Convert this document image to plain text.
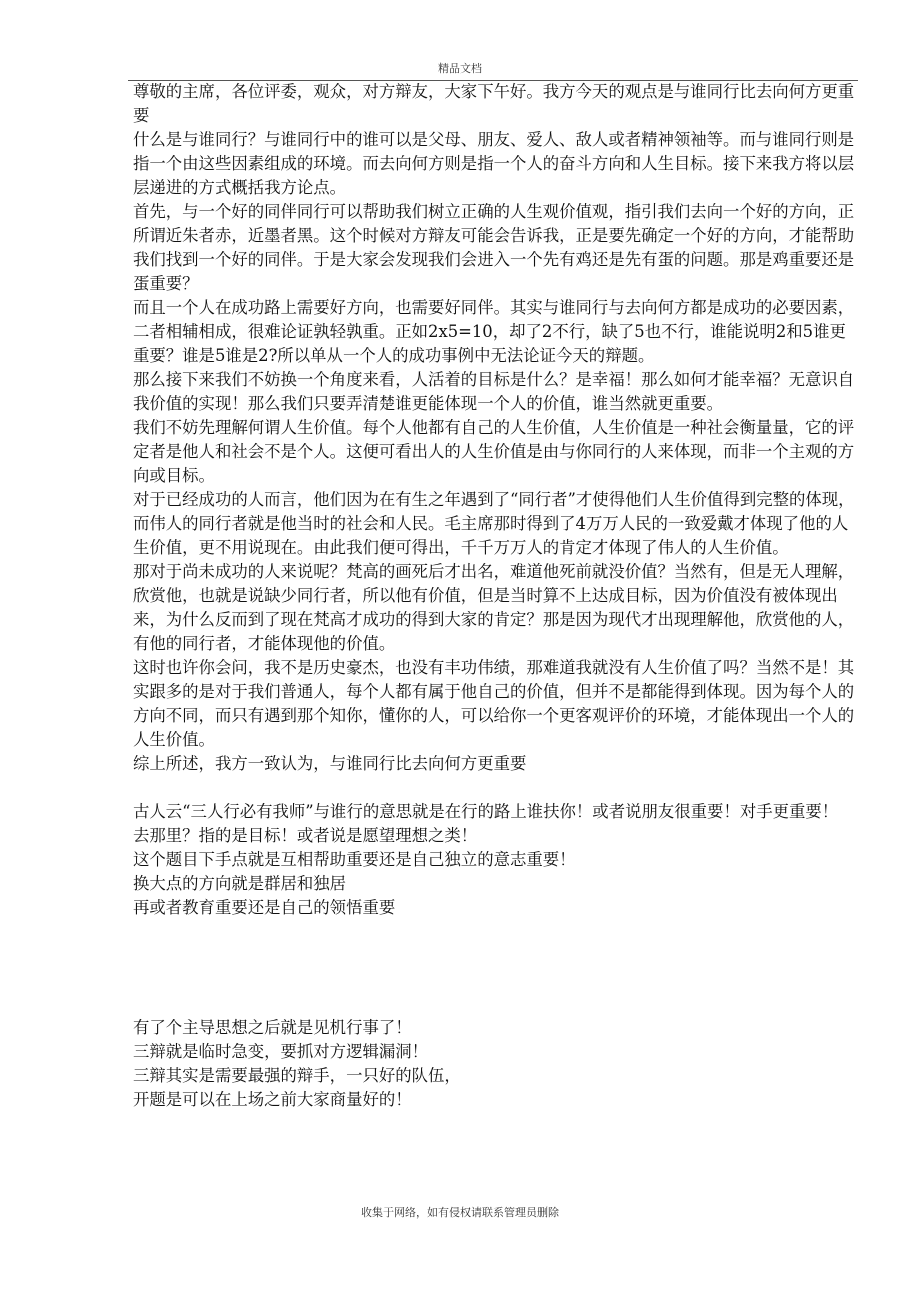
精品文档

尊敬的主席，各位评委，观众，对方辩友，大家下午好。我方今天的观点是与谁同行比去向何方更重要

什么是与谁同行？与谁同行中的谁可以是父母、朋友、爱人、敌人或者精神领袖等。而与谁同行则是指一个由这些因素组成的环境。而去向何方则是指一个人的奋斗方向和人生目标。接下来我方将以层层递进的方式概括我方论点。

首先，与一个好的同伴同行可以帮助我们树立正确的人生观价值观，指引我们去向一个好的方向，正所谓近朱者赤，近墨者黑。这个时候对方辩友可能会告诉我，正是要先确定一个好的方向，才能帮助我们找到一个好的同伴。于是大家会发现我们会进入一个先有鸡还是先有蛋的问题。那是鸡重要还是蛋重要？

而且一个人在成功路上需要好方向，也需要好同伴。其实与谁同行与去向何方都是成功的必要因素，二者相辅相成，很难论证孰轻孰重。正如2x5=10，却了2不行，缺了5也不行，谁能说明2和5谁更重要？谁是5谁是2?所以单从一个人的成功事例中无法论证今天的辩题。

那么接下来我们不妨换一个角度来看，人活着的目标是什么？是幸福！那么如何才能幸福？无意识自我价值的实现！那么我们只要弄清楚谁更能体现一个人的价值，谁当然就更重要。

我们不妨先理解何谓人生价值。每个人他都有自己的人生价值，人生价值是一种社会衡量量，它的评定者是他人和社会不是个人。这便可看出人的人生价值是由与你同行的人来体现，而非一个主观的方向或目标。

对于已经成功的人而言，他们因为在有生之年遇到了“同行者”才使得他们人生价值得到完整的体现，而伟人的同行者就是他当时的社会和人民。毛主席那时得到了4万万人民的一致爱戴才体现了他的人生价值，更不用说现在。由此我们便可得出，千千万万人的肯定才体现了伟人的人生价值。

那对于尚未成功的人来说呢？梵高的画死后才出名，难道他死前就没价值？当然有，但是无人理解，欣赏他，也就是说缺少同行者，所以他有价值，但是当时算不上达成目标，因为价值没有被体现出来，为什么反而到了现在梵高才成功的得到大家的肯定？那是因为现代才出现理解他，欣赏他的人，有他的同行者，才能体现他的价值。

这时也许你会问，我不是历史豪杰，也没有丰功伟绩，那难道我就没有人生价值了吗？当然不是！其实跟多的是对于我们普通人，每个人都有属于他自己的价值，但并不是都能得到体现。因为每个人的方向不同，而只有遇到那个知你，懂你的人，可以给你一个更客观评价的环境，才能体现出一个人的人生价值。

综上所述，我方一致认为，与谁同行比去向何方更重要

古人云“三人行必有我师”与谁行的意思就是在行的路上谁扶你！或者说朋友很重要！对手更重要！

去那里？指的是目标！或者说是愿望理想之类！

这个题目下手点就是互相帮助重要还是自己独立的意志重要！

换大点的方向就是群居和独居

再或者教育重要还是自己的领悟重要

有了个主导思想之后就是见机行事了！

三辩就是临时急变，要抓对方逻辑漏洞！

三辩其实是需要最强的辩手，一只好的队伍，

开题是可以在上场之前大家商量好的！

收集于网络，如有侵权请联系管理员删除
